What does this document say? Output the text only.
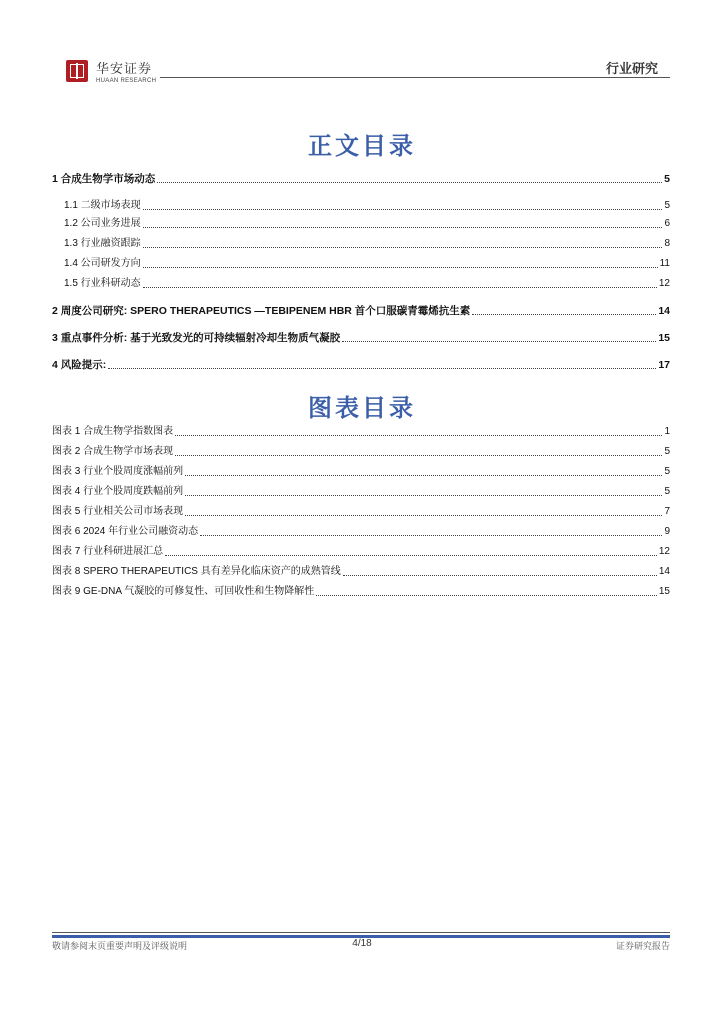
华安证券
HUAAN RESEARCH
行业研究
正文目录
1 合成生物学市场动态	5
1.1 二级市场表现	5
1.2 公司业务进展	6
1.3 行业融资跟踪	8
1.4 公司研发方向	11
1.5 行业科研动态	12
2 周度公司研究: SPERO THERAPEUTICS —TEBIPENEM HBR 首个口服碳青霉烯抗生素	14
3 重点事件分析: 基于光致发光的可持续辐射冷却生物质气凝胶	15
4 风险提示:	17
图表目录
图表 1 合成生物学指数图表	1
图表 2 合成生物学市场表现	5
图表 3 行业个股周度涨幅前列	5
图表 4 行业个股周度跌幅前列	5
图表 5 行业相关公司市场表现	7
图表 6 2024 年行业公司融资动态	9
图表 7 行业科研进展汇总	12
图表 8 SPERO THERAPEUTICS 具有差异化临床资产的成熟管线	14
图表 9 GE-DNA 气凝胶的可修复性、可回收性和生物降解性	15
敬请参阅末页重要声明及评级说明	4/18	证券研究报告
